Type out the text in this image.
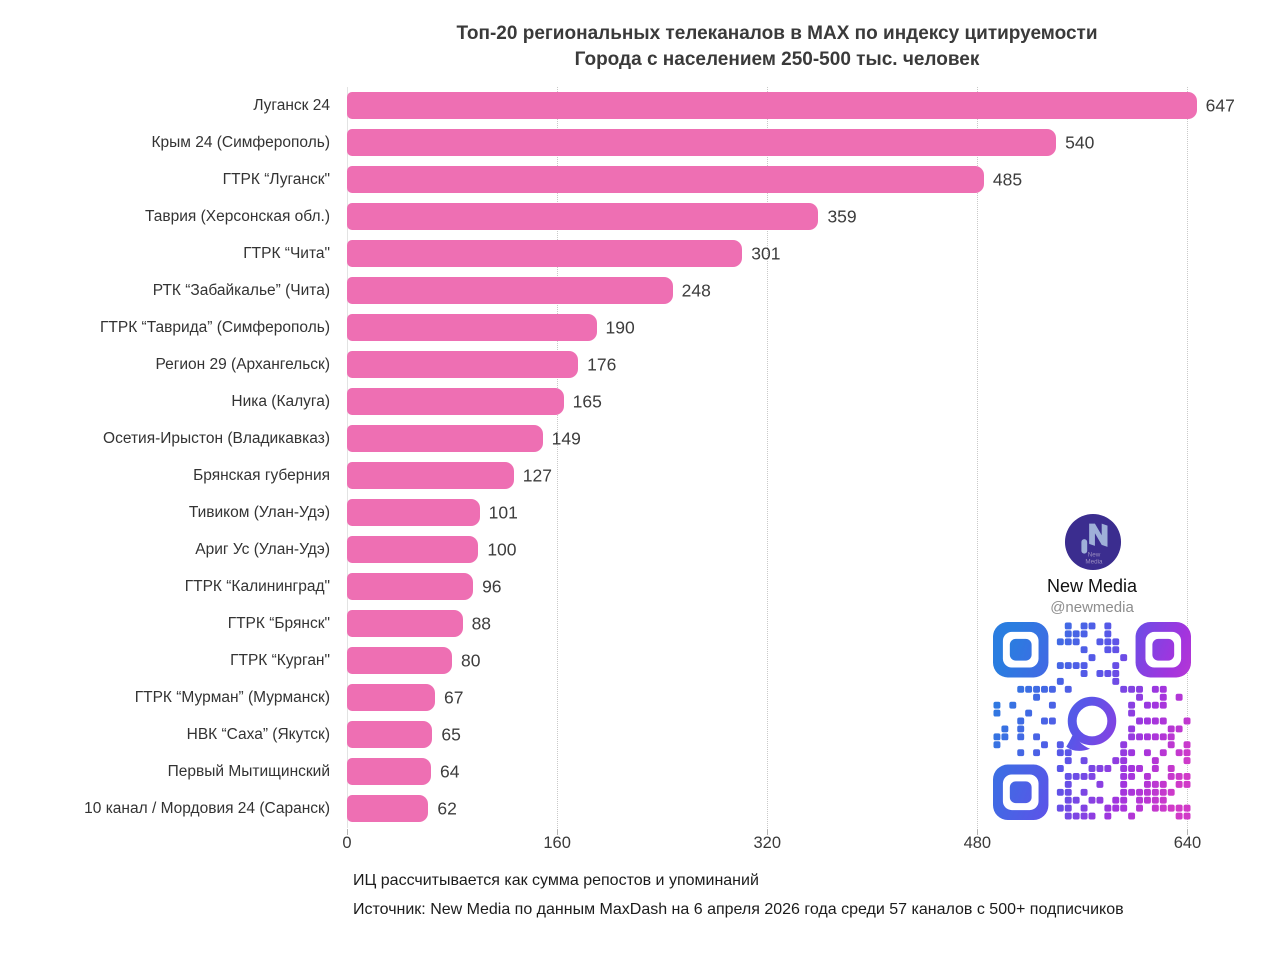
Топ-20 региональных телеканалов в MAX по индексу цитируемости
Города с населением 250-500 тыс. человек
Луганск 24	647
Крым 24 (Симферополь)	540
ГТРК “Луганск"	485
Таврия (Херсонская обл.)	359
ГТРК “Чита"	301
РТК “Забайкалье” (Чита)	248
ГТРК “Таврида” (Симферополь)	190
Регион 29 (Архангельск)	176
Ника (Калуга)	165
Осетия-Ирыстон (Владикавказ)	149
Брянская губерния	127
Тивиком (Улан-Удэ)	101
Ариг Ус (Улан-Удэ)	100
ГТРК “Калининград"	96
ГТРК “Брянск"	88
ГТРК “Курган"	80
ГТРК “Мурман” (Мурманск)	67
НВК “Саха” (Якутск)	65
Первый Мытищинский	64
10 канал / Мордовия 24 (Саранск)	62
0	160	320	480	640
New
Media
New Media
@newmedia
ИЦ рассчитывается как сумма репостов и упоминаний
Источник: New Media по данным MaxDash на 6 апреля 2026 года среди 57 каналов с 500+ подписчиков
